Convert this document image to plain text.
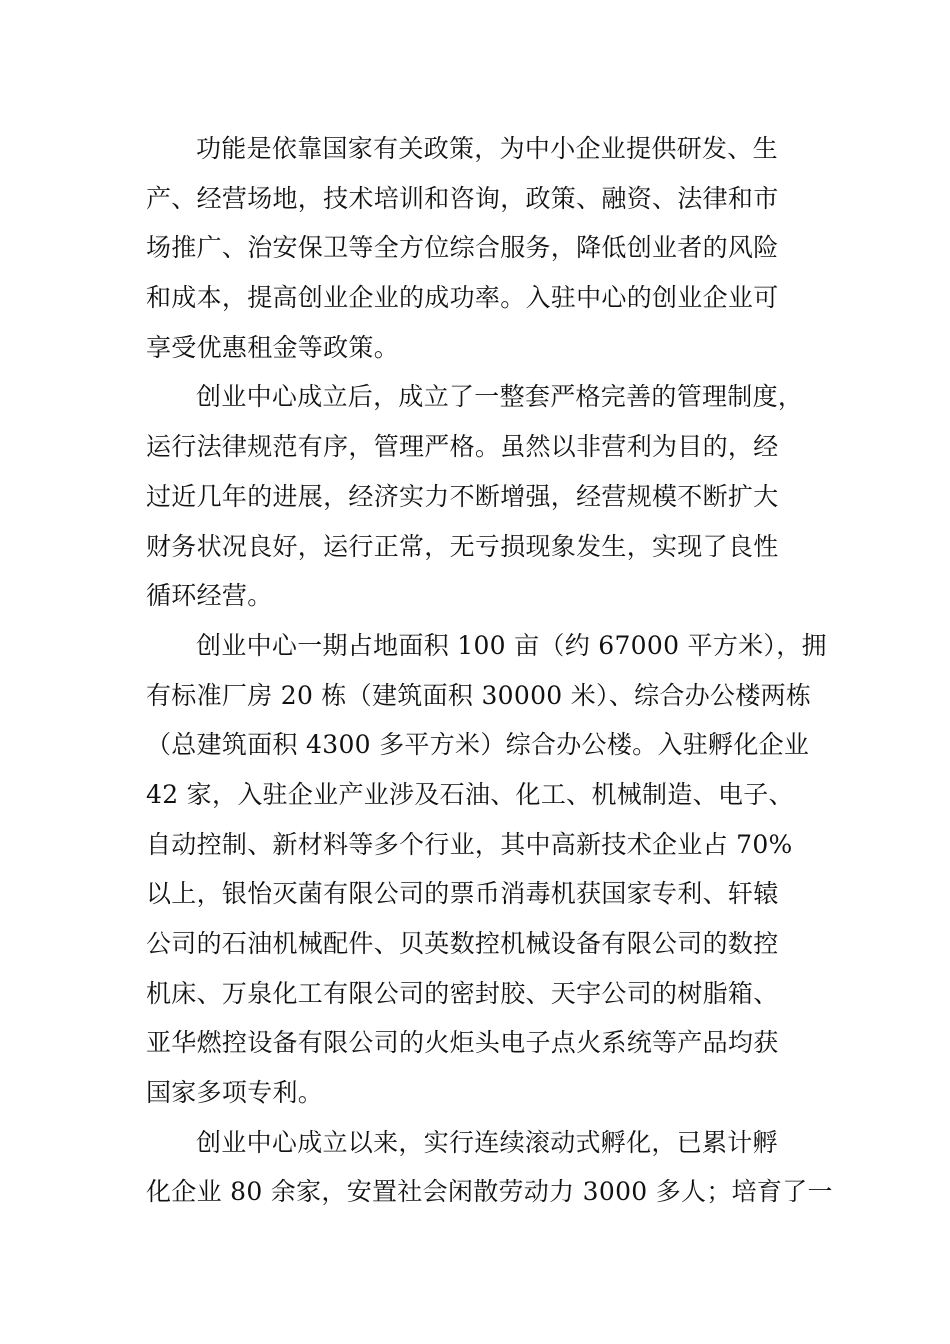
功能是依靠国家有关政策，为中小企业提供研发、生
产、经营场地，技术培训和咨询，政策、融资、法律和市
场推广、治安保卫等全方位综合服务，降低创业者的风险
和成本，提高创业企业的成功率。入驻中心的创业企业可
享受优惠租金等政策。
创业中心成立后，成立了一整套严格完善的管理制度，
运行法律规范有序，管理严格。虽然以非营利为目的，经
过近几年的进展，经济实力不断增强，经营规模不断扩大
财务状况良好，运行正常，无亏损现象发生，实现了良性
循环经营。
创业中心一期占地面积 100 亩（约 67000 平方米），拥
有标准厂房 20 栋（建筑面积 30000 米）、综合办公楼两栋
（总建筑面积 4300 多平方米）综合办公楼。入驻孵化企业
42 家，入驻企业产业涉及石油、化工、机械制造、电子、
自动控制、新材料等多个行业，其中高新技术企业占 70%
以上，银怡灭菌有限公司的票币消毒机获国家专利、轩辕
公司的石油机械配件、贝英数控机械设备有限公司的数控
机床、万泉化工有限公司的密封胶、天宇公司的树脂箱、
亚华燃控设备有限公司的火炬头电子点火系统等产品均获
国家多项专利。
创业中心成立以来，实行连续滚动式孵化，已累计孵
化企业 80 余家，安置社会闲散劳动力 3000 多人；培育了一
